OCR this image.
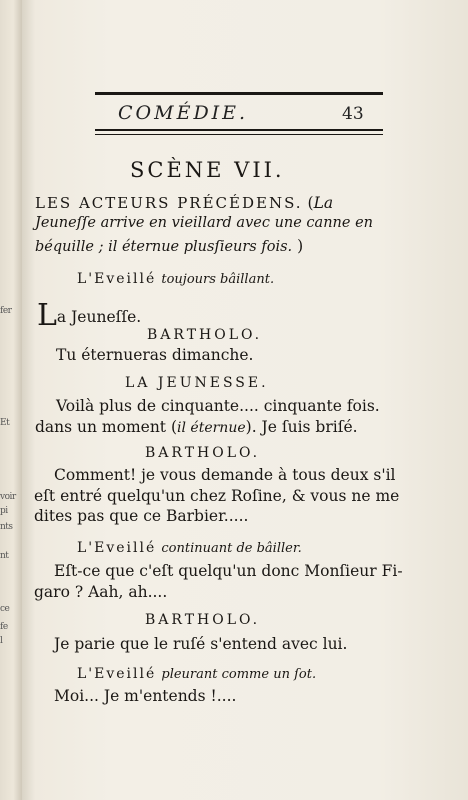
fer
Et
voir
pi
nts
nt
ce
fe
l
COMÉDIE.	43
SCÈNE VII.
LES ACTEURS PRÉCÉDENS. (La
Jeuneſſe arrive en vieillard avec une canne en
béquille ; il éternue plusſieurs fois. )
L'Eveillé toujours bâillant.
La Jeuneſſe.
BARTHOLO.
Tu éternueras dimanche.
LA JEUNESSE.
Voilà plus de cinquante.... cinquante fois.
dans un moment (il éternue). Je ſuis briſé.
BARTHOLO.
Comment! je vous demande à tous deux s'il
eſt entré quelqu'un chez Roſine, & vous ne me
dites pas que ce Barbier.....
L'Eveillé continuant de bâiller.
Eſt-ce que c'eſt quelqu'un donc Monſieur Fi-
garo ? Aah, ah....
BARTHOLO.
Je parie que le ruſé s'entend avec lui.
L'Eveillé pleurant comme un ſot.
Moi... Je m'entends !....
